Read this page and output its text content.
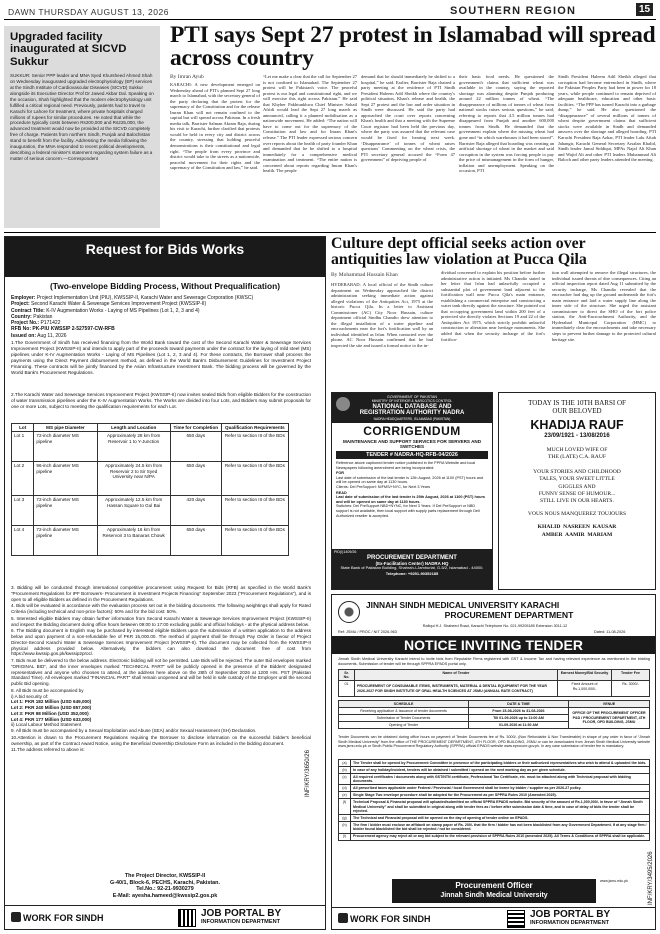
DAWN THURSDAY AUGUST 13, 2026	SOUTHERN REGION	15
Upgraded facility inaugurated at SICVD Sukkur
SUKKUR: Senior PPP leader and MNA Syed Khursheed Ahmed Shah on Wednesday inaugurated upgraded electrophysiology (EP) services at the Sindh Institute of Cardiovascular Diseases (SICVD) Sukkur alongside its Executive Director Prof Dr Jawed Akbar Dal. Speaking on the occasion, Shah highlighted that the modern electrophysiology unit fulfilled a critical regional need. Previously, patients had to travel to Karachi for Lahore for treatment, where private hospitals charged millions of rupees for similar procedures. He noted that while the procedure typically costs between Rs200,000 and Rs225,000, the advanced treatment would now be provided at the SICVD completely free of charge. Patients from northern Sindh, Punjab and Balochistan stand to benefit from the facility. Addressing the media following the inauguration, the MNA responded to recent political developments, describing a federal minister's statement regarding system failure as a matter of serious concern.—Correspondent
PTI says Sept 27 protest in Islamabad will spread across country
By Imran Ayub
KARACHI: A new development emerged on Wednesday ahead of PTI's planned Sept 27 long march to Islamabad, with the secretary general of the party declaring that the protest for the supremacy of the Constitution and for the release Imran Khan will not remain confined to the capital but will spread across Pakistan. In a fresh media talk, Barrister Salman Akram Raja, during his visit to Karachi, further clarified that protests would be held in every city and district across the country, stressing that holding peaceful demonstrations is their constitutional and legal right. “The people from every province and district would take to the streets as a nationwide, peaceful movement for their rights and the supremacy of the Constitution and law,” he said.
“Let me make a clear that the call for September 27 is not confined to Islamabad. The September 27 protest will be Pakistan's voice. The peaceful protest is our legal and constitutional right, and we will exercise this right across Pakistan.” He said that Khyber Pakhtunkhwa Chief Minister Sohail Afridi would lead the Sept 27 long march as announced, calling it a planned mobilisation as a nationwide movement. He added: “The nation will have to come out for the supremacy of the Constitution and law and for Imran Khan's release.” The PTI leader expressed serious concern over reports about the health of party founder Khan and demanded that he be shifted to a hospital immediately for a comprehensive medical examination and treatment. “The entire nation is concerned about reports regarding Imran Khan's health. The people
demand that he should immediately be shifted to a hospital,” he said. Earlier, Barrister Raja chaired a party meeting at the residence of PTI Sindh President Haleem Adil Sheikh where the country's political situation, Khan's release and health, the Sept 27 protest and the law and order situation in Sindh were discussed. He said the party had approached the court over reports concerning Khan's health and that a meeting with the Supreme Court registrar had been held the previous day, where the party was assured that the relevant case would be fixed for hearing next week. ‘Disappearance’ of tonnes of wheat raises questions’ Commenting on the wheat crisis, the PTI secretary general accused the “Form 47 government” of depriving people of
their basic food needs. He questioned the government's claims that sufficient wheat was available in the country, saying the reported shortage was alarming despite Punjab producing around 22 million tonnes of wheat. “The disappearance of millions of tonnes of wheat from national stocks raises serious questions,” he said, referring to reports that 4.5 million tonnes had disappeared from Punjab and another 600,000 tonnes from Sindh. He demanded that the government explain where the missing wheat had gone and “in which warehouses it had been stored”. Barrister Raja alleged that hoarding was creating an artificial shortage of wheat in the market and said corruption in the system was forcing people to pay the price of mismanagement in the form of hunger, inflation and unemployment. Speaking on the occasion, PTI
Sindh President Haleem Adil Sheikh alleged that corruption had become entrenched in Sindh, where the Pakistan Peoples Party had been in power for 18 years, while people continued to remain deprived of adequate healthcare, education and other basic facilities. “The PPP has turned Karachi into a garbage dump,” he said. He also questioned the “disappearance” of several millions of tonnes of wheat despite government claims that sufficient stocks were available in Sindh and demanded answers over the shortage and alleged hoarding. PTI Karachi President Raja Azhar, PTI leader Lalu Aftab Jahangir, Karachi General Secretary Arsalan Khalid, Sindh leader Jamal Siddiqui, MPAs Najaf Ali Khan and Wajid Ali and other PTI leaders Muhammad Ali Baloch and other party leaders attended the meeting.
Request for Bids Works
(Two-envelope Bidding Process, Without Prequalification)
Employer: Project Implementation Unit (PIU), KWSSIP-II, Karachi Water and Sewerage Corporation (KWSC)
Project: Second Karachi Water & Sewerage Services Improvement Project (KWSSIP-II)
Contract Title: K-IV Augmentation Works - Laying of MS Pipelines (Lot 1, 2, 3 and 4)
Country: Pakistan
Project No.: P171422
RFB No: PK-PIU KWSSIP 2-527597-CW-RFB
Issued on: Aug 11, 2026
1.The Government of Sindh has received financing from the World Bank toward the cost of the Second Karachi Water & Sewerage Services Improvement Project (KWSSIP-II) and intends to apply part of the proceeds toward payments under the contract for the laying of mild steel (MS) pipelines under K-IV Augmentation Works - Laying of MS Pipelines (Lot 1, 2, 3 and 4). For these contracts, the Borrower shall process the payments using the Direct Payment disbursement method, as defined in the World Bank's Disbursement Guidelines for Investment Project Financing. These contracts will be jointly financed by the Asian Infrastructure Investment Bank. The bidding process will be governed by the World Bank's Procurement Regulations.
2.The Karachi Water and Sewerage Services Improvement Project (KWSSIP-II) now invites sealed Bids from eligible Bidders for the construction of water transmission pipelines under the K-IV Augmentation Works. The Works are divided into four Lots, and Bidders may submit proposals for one or more Lots, subject to meeting the qualification requirements for each Lot.
Lot	MS pipe Diameter	Length and Location	Time for Completion	Qualification Requirements
Lot 1	72-inch diameter MS pipeline	Approximately 28 km from Reservoir 1 to Y-Junction	650 days	Refer to section III of the BDs
Lot 2	96-inch diameter MS pipeline	Approximately 24.5 km from Reservoir 2 to Sir Syed University near N/PA	650 days	Refer to section III of the BDs
Lot 3	72-inch diameter MS pipeline	Approximately 12.5 km from Hassan Square to Gul Bai	420 days	Refer to section III of the BDs
Lot 4	72-inch diameter MS pipeline	Approximately 16 km from Reservoir 3 to Banaras Chowk	650 days	Refer to section III of the BDs
3. Bidding will be conducted through international competitive procurement using Request for Bids (RFB) as specified in the World Bank's “Procurement Regulations for IPF Borrowers- Procurement in Investment Projects Financing” September 2023 (“Procurement Regulations”), and is open to all eligible Bidders as defined in the Procurement Regulations.
4. Bids will be evaluated in accordance with the evaluation process set out in the bidding documents. The following weightings shall apply for Rated Criteria (including technical and non-price factors): 50% and for the bid cost: 50%.
5. Interested eligible Bidders may obtain further information from Second Karachi Water & Sewerage Services Improvement Project (KWSSIP-II) and inspect the Bidding document during office hours between 09:00 to 17:00 excluding public and official holidays - at the physical address below.
6. The Bidding document in English may be purchased by interested eligible Bidders upon the submission of a written application to the address below and upon payment of a non-refundable fee of PKR 15,000.00. The method of payment shall be through Pay Order in favour of Project Director-Second Karachi Water & Sewerage Services Improvement Project (KWSSIP-II). The document may be collected from the KWSSIP-II physical address provided below. Alternatively, the bidders can also download the document free of cost from https://www.kwssip.gos.pk/kwssip2proc/.
7. Bids must be delivered to the below address. Electronic bidding will not be permitted. Late Bids will be rejected. The outer Bid envelopes marked “ORIGINAL BID”, and the inner envelopes marked “TECHNICAL PART” will be publicly opened in the presence of the Bidders' designated representatives and anyone who chooses to attend, at the address here above on the 28th of September 2026 at 1200 Hrs. PST (Pakistan Standard Time). All envelopes marked “FINANCIAL PART” shall remain unopened and will be held in safe custody of the Employer until the second public Bid opening.
8. All Bids must be accompanied by
i) A bid security of:
Lot 1: PKR 182 Million (USD 649,000)
Lot 2: PKR 240 Million (USD 857,000)
Lot 3: PKR 98 Million (USD 352,000)
Lot 4: PKR 177 Million (USD 633,000)
ii) Local Labour Method Statement
9. All Bids must be accompanied by a Sexual Exploitation and Abuse (SEA) and/or Sexual Harassment (SH) Declaration.
10.Attention is drawn to the Procurement Regulations requiring the Borrower to disclose information on the successful bidder's beneficial ownership, as part of the Contract Award Notice, using the Beneficial Ownership Disclosure Form as included in the bidding document.
11.The address referred to above is:
The Project Director, KWSSIP-II
G-40/1, Block-6, PECHS, Karachi, Pakistan.
Tel.No.: 92-21-9930279
E-Mail: ayesha.hameed@kwssip2.gos.pk
WORK FOR SINDH	JOB PORTAL BY
INFORMATION DEPARTMENT
INF/KRY/3650/26
Culture dept official seeks action over antiquities law violation at Pucca Qila
By Mohammad Hussain Khan
HYDERABAD: A local official of the Sindh culture department on Wednesday approached the district administration seeking immediate action against alleged violations of the Antiquities Act, 1975 at the historic Pucca Qila. In a letter to Assistant Commissioner (AC) City Noor Hussain, culture department official Sindhu Chandio drew attention to the illegal installation of a water pipeline and encroachments near the fort's fortification wall by an individual identified as Irfan. When contacted over the phone, AC Noor Hussain confirmed that he had inspected the site and issued a formal notice to the in-
dividual concerned to explain his position before further administrative action is initiated. Ms Chandio stated in her letter that Irfan had unlawfully occupied a substantial plot of government land adjacent to the fortification wall near Pucca Qila's main entrance, establishing a commercial enterprise and constructing a water tank directly against the structure. She pointed out that occupying government land within 200 feet of a protected site directly violates Sections 19 and 22 of the Antiquities Act 1975, which strictly prohibit unlawful construction or alteration near heritage monuments. She added that when the security incharge of the fort's fortifica-
tion wall attempted to remove the illegal structures, the individual issued threats of dire consequences. Citing an official inspection report dated Aug 11 submitted by the security incharge, Ms Chandio revealed that the encroacher had dug up the ground underneath the fort's main entrance and laid a water supply line along the inner side of the structure. She urged the assistant commissioner to direct the SHO of the fort police station, the Anti-Encroachment Authority, and the Hyderabad Municipal Corporation (HMC) to immediately clear the encroachments and take necessary steps to prevent further damage to the protected cultural heritage site.
GOVERNMENT OF PAKISTAN
MINISTRY OF INTERIOR & NARCOTICS CONTROL
NATIONAL DATABASE AND REGISTRATION AUTHORITY NADRA
NADRA HEADQUARTERS, ISLAMABAD (PAKISTAN)
CORRIGENDUM
MAINTENANCE AND SUPPORT SERVICES FOR SERVERS AND SWITCHES
TENDER # NADRA-HQ-RFB-04/2026
Reference above captioned tender notice published in the PPRA Website and local Newspapers following amendment are being incorporated:
FOR
Last date of submission of the last tender is 12th August, 2026 at 1100 (PST) hours and will be opened on same day at 1130 hours.
Clients: Del PreSupport: NIFMS/+NYC, for Next 3 Years
READ
Last date of submission of the last tender is 25th August, 2026 at 1100 (PST) hours and will be opened on same day at 1130 hours.
Switches: Del PreSupport NBD+NYNC, for Next 3 Years. If Del PreSupport or NBD support is not available, then local support with supply parts replacement through Dell Authorized reseller is accepted.
PID(I)1409/26
PROCUREMENT DEPARTMENT
(Ex-Facilitation Center) NADRA HQ
State Bank of Pakistan Building, Shahrah-i-Jamhuriat, G-5/2, Islamabad - 44000.
Telephone: +9251-90352185
TODAY IS THE 10TH BARSI OF OUR BELOVED
KHADIJA RAUF
23/09/1921 - 13/08/2016
MUCH LOVED WIFE OF
THE (LATE) C.A. RAUF
YOUR STORIES AND CHILDHOOD
TALES, YOUR SWEET LITTLE
GIGGLES AND
FUNNY SENSE OF HUMOUR...
STILL LIVE IN OUR HEARTS.
VOUS NOUS MANQUEREZ TOUJOURS
KHALID  NASREEN  KAUSAR
AMBER  AAMIR  MARIAM
JINNAH SINDH MEDICAL UNIVERSITY KARACHI
PROCUREMENT DEPARTMENT
Rafiqui H.J. Shaheed Road, Karachi Telephone No. 021-99205185 Extension 3011-12
Ref: JSMU / PROC / NIT 2026-963	Dated: 11-08-2026
NOTICE INVITING TENDER
Jinnah Sindh Medical University Karachi intend to invite bids from Reputable Firms registered with GST & Income Tax and having relevant experience as mentioned in the bidding documents. Submission of tender will be through SPPRA EPADS portal only.
Sr. No.	Name of Tender	Earnest Money/Bid Security	Tender Fee
01	PROCUREMENT OF CONSUMABLE ITEMS, INSTRUMENTS, MATERIAL & DENTAL EQUIPMENT FOR THE YEAR 2026-2027 FOR SINDH INSTITUTE OF ORAL HEALTH SCIENCES AT JSMU (ANNUAL RATE CONTRACT)	Fixed Amount of Rs.1,000,000/-	Rs. 3000/-
SCHEDULE	DATE & TIME	VENUE
Receiving application & Issuance of tender documents	From 15-08-2026 to 31-08-2026	OFFICE OF THE PROCUREMENT OFFICER P&D / PROCUREMENT DEPARTMENT, 4TH FLOOR, OPD BUILDING, JSMU
Submission of Tender Documents	Till 01-09-2026 up to 11:00 AM	
Opening of Tender	01-09-2026 at 11:30 AM	
Tender Documents can be obtained during office hours on payment of Tender Documents fee of Rs. 3000/- (Non Refundable & Non Transferable) in shape of pay order in favor of “Jinnah Sindh Medical University” from the office of THE PROCUREMENT DEPARTMENT, 4TH FLOOR, OPD BUILDING, JSMU or can be downloaded from Jinnah Sindh Medical University website www.jsmu.edu.pk or Sindh Public Procurement Regulatory Authority (SPPRA) official EPADS website www.eprocure.gov.pk. In any case submission of tender fee is mandatory.
(a)	The Tender shall be opened by Procurement Committee in presence of the participating bidders or their authorized representatives who wish to attend & uploaded the bids.
(b)	In case of any holiday/incident, tenders will be obtained / submitted / opened on the next working day as per given schedule.
(c)	All required certificates / documents along with GST/NTN certificate, Professional Tax Certificate, etc. must be attached along with Technical proposal with bidding documents.
(d)	All prescribed taxes applicable under Federal / Provincial / local Government shall be borne by bidder / supplier as per 2026-27 policy.
(e)	Single Stage Two envelope procedure shall be adopted for the Procurement as per SPPRA Rules 2010 (Amended 2025).
(f)	Technical Proposal & Financial proposal will uploaded/submitted on official SPPRA EPADS website. Bid security of the amount of Rs.1,000,000/- in favor of “Jinnah Sindh Medical University” and shall be submitted in original along with tender fees as / before after submission date & time, and in case of delay of bids the tender shall be rejected.
(g)	The Technical and Financial proposal will be opened on the day of opening of tender online on EPADS.
(h)	The firm / bidder must enclose an affidavit on stamp paper of Rs. 200/- that the firm / bidder has not been blacklisted from any Government Department. If at any stage firm / bidder found blacklisted the bid shall be rejected / not be considered.
(i)	Procurement agency may reject all or any bid subject to the relevant provision of SPPRA Rules 2010 (amended 2025). All Terms & Conditions of SPPRA shall be applicable.
Procurement Officer
Jinnah Sindh Medical University
www.jsmu.edu.pk
WORK FOR SINDH	JOB PORTAL BY
INFORMATION DEPARTMENT
INF/KRY/3495/2026
